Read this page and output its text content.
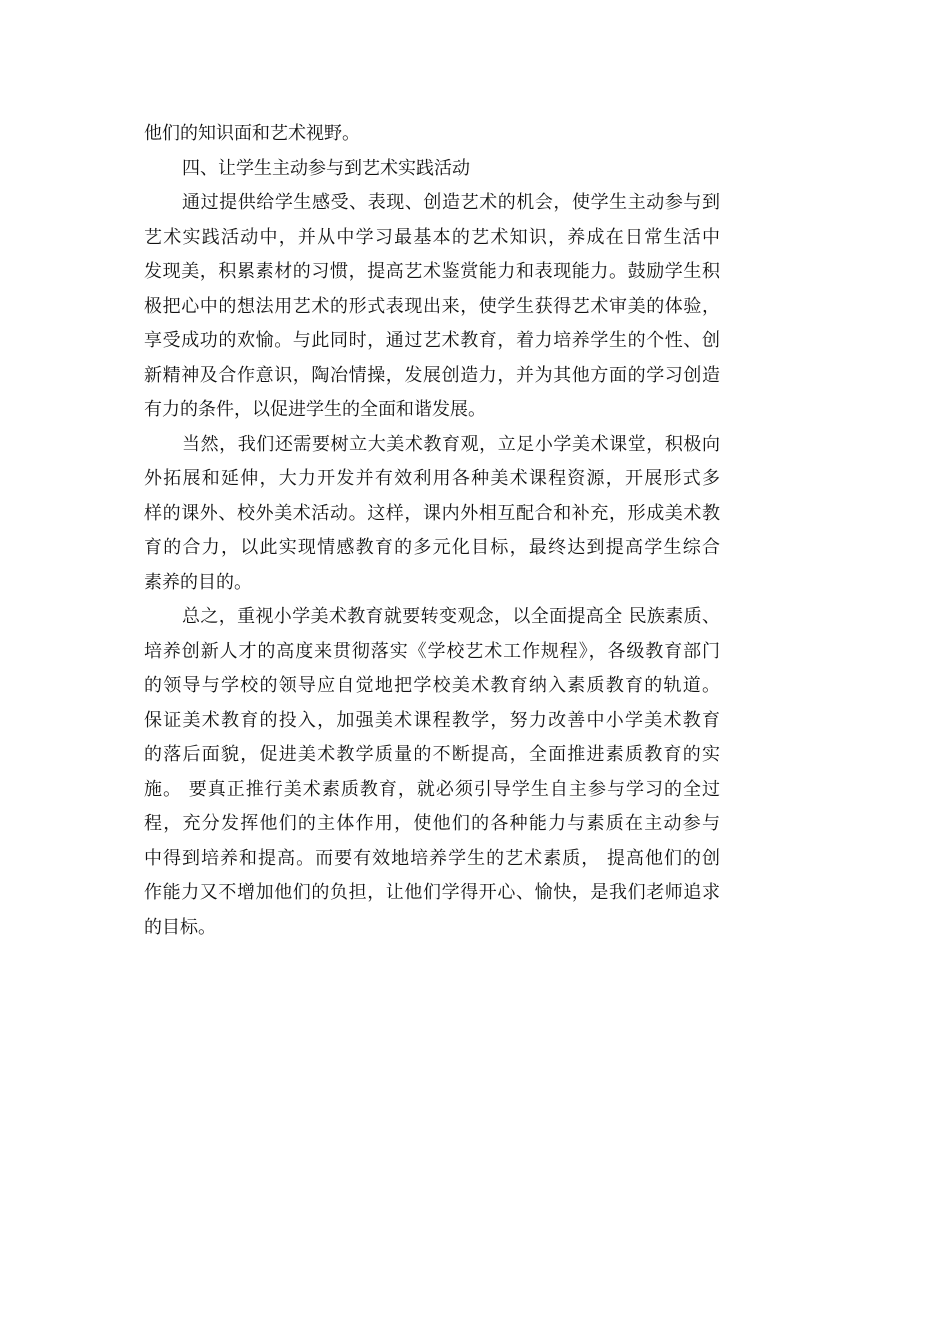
他们的知识面和艺术视野。
四、让学生主动参与到艺术实践活动
通过提供给学生感受、表现、创造艺术的机会，使学生主动参与到
艺术实践活动中，并从中学习最基本的艺术知识，养成在日常生活中
发现美，积累素材的习惯，提高艺术鉴赏能力和表现能力。鼓励学生积
极把心中的想法用艺术的形式表现出来，使学生获得艺术审美的体验，
享受成功的欢愉。与此同时，通过艺术教育，着力培养学生的个性、创
新精神及合作意识，陶冶情操，发展创造力，并为其他方面的学习创造
有力的条件，以促进学生的全面和谐发展。
当然，我们还需要树立大美术教育观，立足小学美术课堂，积极向
外拓展和延伸，大力开发并有效利用各种美术课程资源，开展形式多
样的课外、校外美术活动。这样，课内外相互配合和补充，形成美术教
育的合力，以此实现情感教育的多元化目标，最终达到提高学生综合
素养的目的。
总之，重视小学美术教育就要转变观念，以全面提高全 民族素质、
培养创新人才的高度来贯彻落实《学校艺术工作规程》，各级教育部门
的领导与学校的领导应自觉地把学校美术教育纳入素质教育的轨道。
保证美术教育的投入，加强美术课程教学，努力改善中小学美术教育
的落后面貌，促进美术教学质量的不断提高，全面推进素质教育的实
施。 要真正推行美术素质教育，就必须引导学生自主参与学习的全过
程，充分发挥他们的主体作用，使他们的各种能力与素质在主动参与
中得到培养和提高。而要有效地培养学生的艺术素质， 提高他们的创
作能力又不增加他们的负担，让他们学得开心、愉快，是我们老师追求
的目标。
